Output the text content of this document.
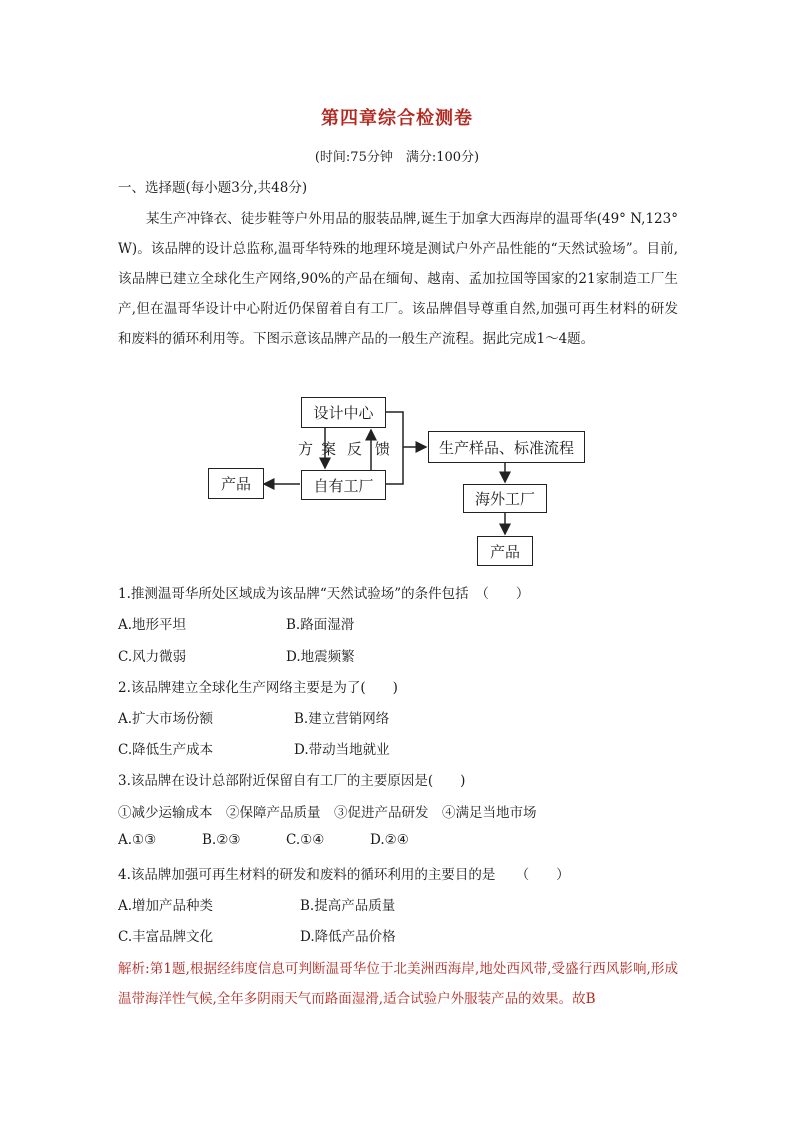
第四章综合检测卷
(时间:75分钟　满分:100分)
一、选择题(每小题3分,共48分)
某生产冲锋衣、徒步鞋等户外用品的服装品牌,诞生于加拿大西海岸的温哥华(49° N,123°　W)。该品牌的设计总监称,温哥华特殊的地理环境是测试户外产品性能的“天然试验场”。目前,该品牌已建立全球化生产网络,90%的产品在缅甸、越南、孟加拉国等国家的21家制造工厂生产,但在温哥华设计中心附近仍保留着自有工厂。该品牌倡导尊重自然,加强可再生材料的研发和废料的循环利用等。下图示意该品牌产品的一般生产流程。据此完成1～4题。
设计中心
自有工厂
产品
生产样品、标准流程
海外工厂
产品
方 案 反 馈
1.推测温哥华所处区域成为该品牌“天然试验场”的条件包括　（　　）
A.地形平坦	B.路面湿滑
C.风力微弱	D.地震频繁
2.该品牌建立全球化生产网络主要是为了(　　)
A.扩大市场份额	B.建立营销网络
C.降低生产成本	D.带动当地就业
3.该品牌在设计总部附近保留自有工厂的主要原因是(　　)
①减少运输成本　②保障产品质量　③促进产品研发　④满足当地市场
A.①③	B.②③	C.①④	D.②④
4.该品牌加强可再生材料的研发和废料的循环利用的主要目的是　　（　　）
A.增加产品种类	B.提高产品质量
C.丰富品牌文化	D.降低产品价格
解析:第1题,根据经纬度信息可判断温哥华位于北美洲西海岸,地处西风带,受盛行西风影响,形成温带海洋性气候,全年多阴雨天气而路面湿滑,适合试验户外服装产品的效果。故B
